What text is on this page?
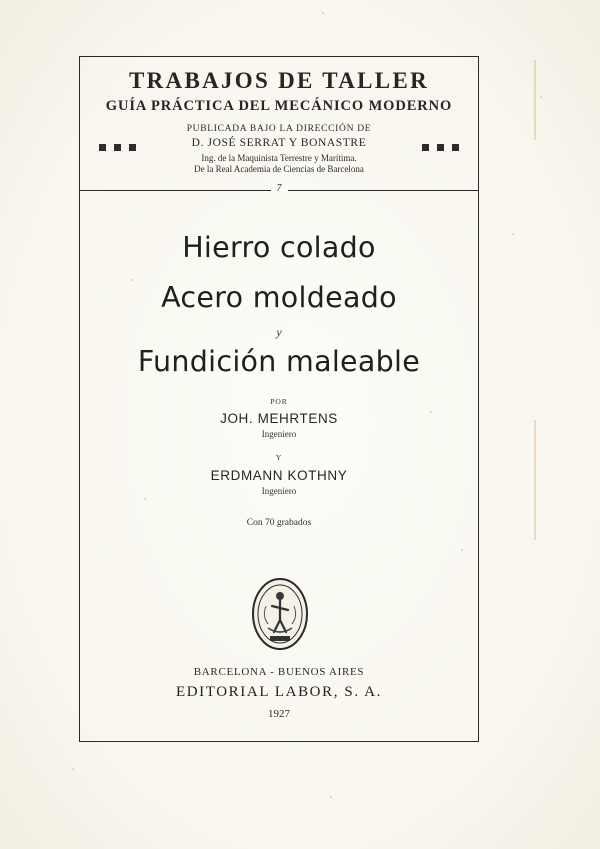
TRABAJOS DE TALLER
GUÍA PRÁCTICA DEL MECÁNICO MODERNO
PUBLICADA BAJO LA DIRECCIÓN DE
D. JOSÉ SERRAT Y BONASTRE
Ing. de la Maquinista Terrestre y Marítima.
De la Real Academia de Ciencias de Barcelona
7
Hierro colado
Acero moldeado
y
Fundición maleable
POR
JOH. MEHRTENS
Ingeniero
Y
ERDMANN KOTHNY
Ingeniero
Con 70 grabados
BARCELONA - BUENOS AIRES
EDITORIAL LABOR, S. A.
1927
